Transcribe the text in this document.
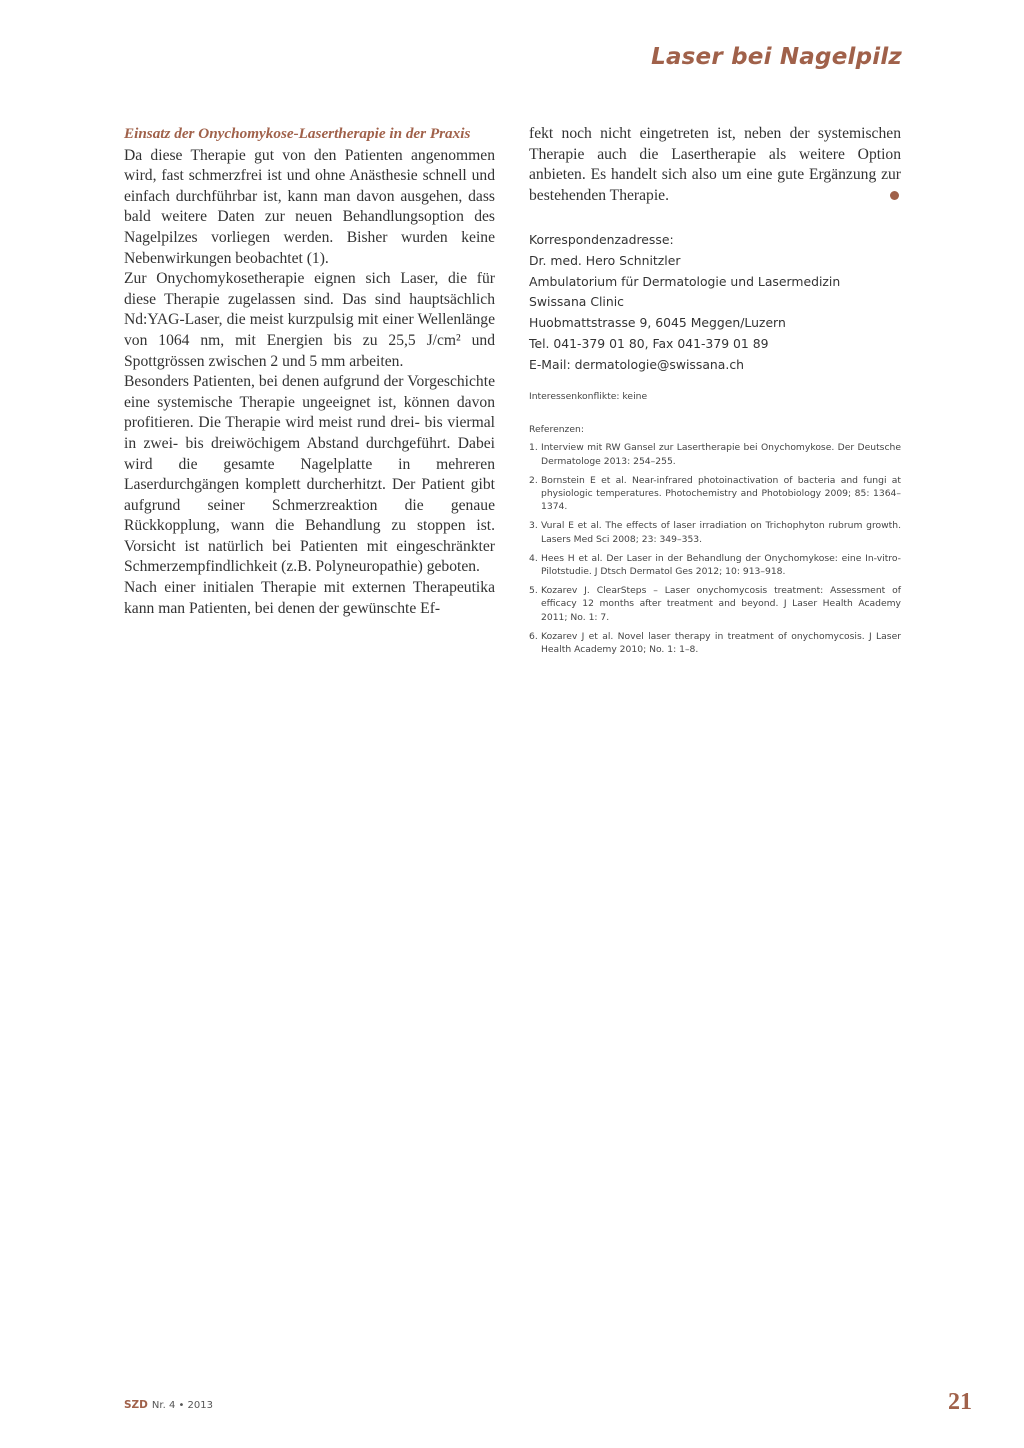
Laser bei Nagelpilz
Einsatz der Onychomykose-Lasertherapie in der Praxis

Da diese Therapie gut von den Patienten angenommen wird, fast schmerzfrei ist und ohne Anästhesie schnell und einfach durchführbar ist, kann man davon ausgehen, dass bald weitere Daten zur neuen Behandlungsoption des Nagelpilzes vorliegen werden. Bisher wurden keine Nebenwirkungen beobachtet (1).

Zur Onychomykosetherapie eignen sich Laser, die für diese Therapie zugelassen sind. Das sind hauptsächlich Nd:YAG-Laser, die meist kurzpulsig mit einer Wellenlänge von 1064 nm, mit Energien bis zu 25,5 J/cm² und Spottgrössen zwischen 2 und 5 mm arbeiten.

Besonders Patienten, bei denen aufgrund der Vorgeschichte eine systemische Therapie ungeeignet ist, können davon profitieren. Die Therapie wird meist rund drei- bis viermal in zwei- bis dreiwöchigem Abstand durchgeführt. Dabei wird die gesamte Nagelplatte in mehreren Laserdurchgängen komplett durcherhitzt. Der Patient gibt aufgrund seiner Schmerzreaktion die genaue Rückkopplung, wann die Behandlung zu stoppen ist. Vorsicht ist natürlich bei Patienten mit eingeschränkter Schmerzempfindlichkeit (z.B. Polyneuropathie) geboten.

Nach einer initialen Therapie mit externen Therapeutika kann man Patienten, bei denen der gewünschte Ef-

fekt noch nicht eingetreten ist, neben der systemischen Therapie auch die Lasertherapie als weitere Option anbieten. Es handelt sich also um eine gute Ergänzung zur bestehenden Therapie.

Korrespondenzadresse:
Dr. med. Hero Schnitzler
Ambulatorium für Dermatologie und Lasermedizin
Swissana Clinic
Huobmattstrasse 9, 6045 Meggen/Luzern
Tel. 041-379 01 80, Fax 041-379 01 89
E-Mail: dermatologie@swissana.ch
Interessenkonflikte: keine
Referenzen:
1. Interview mit RW Gansel zur Lasertherapie bei Onychomykose. Der Deutsche Dermatologe 2013: 254–255.
2. Bornstein E et al. Near-infrared photoinactivation of bacteria and fungi at physiologic temperatures. Photochemistry and Photobiology 2009; 85: 1364–1374.
3. Vural E et al. The effects of laser irradiation on Trichophyton rubrum growth. Lasers Med Sci 2008; 23: 349–353.
4. Hees H et al. Der Laser in der Behandlung der Onychomykose: eine In-vitro-Pilotstudie. J Dtsch Dermatol Ges 2012; 10: 913–918.
5. Kozarev J. ClearSteps – Laser onychomycosis treatment: Assessment of efficacy 12 months after treatment and beyond. J Laser Health Academy 2011; No. 1: 7.
6. Kozarev J et al. Novel laser therapy in treatment of onychomycosis. J Laser Health Academy 2010; No. 1: 1–8.
SZD Nr. 4 • 2013	21
